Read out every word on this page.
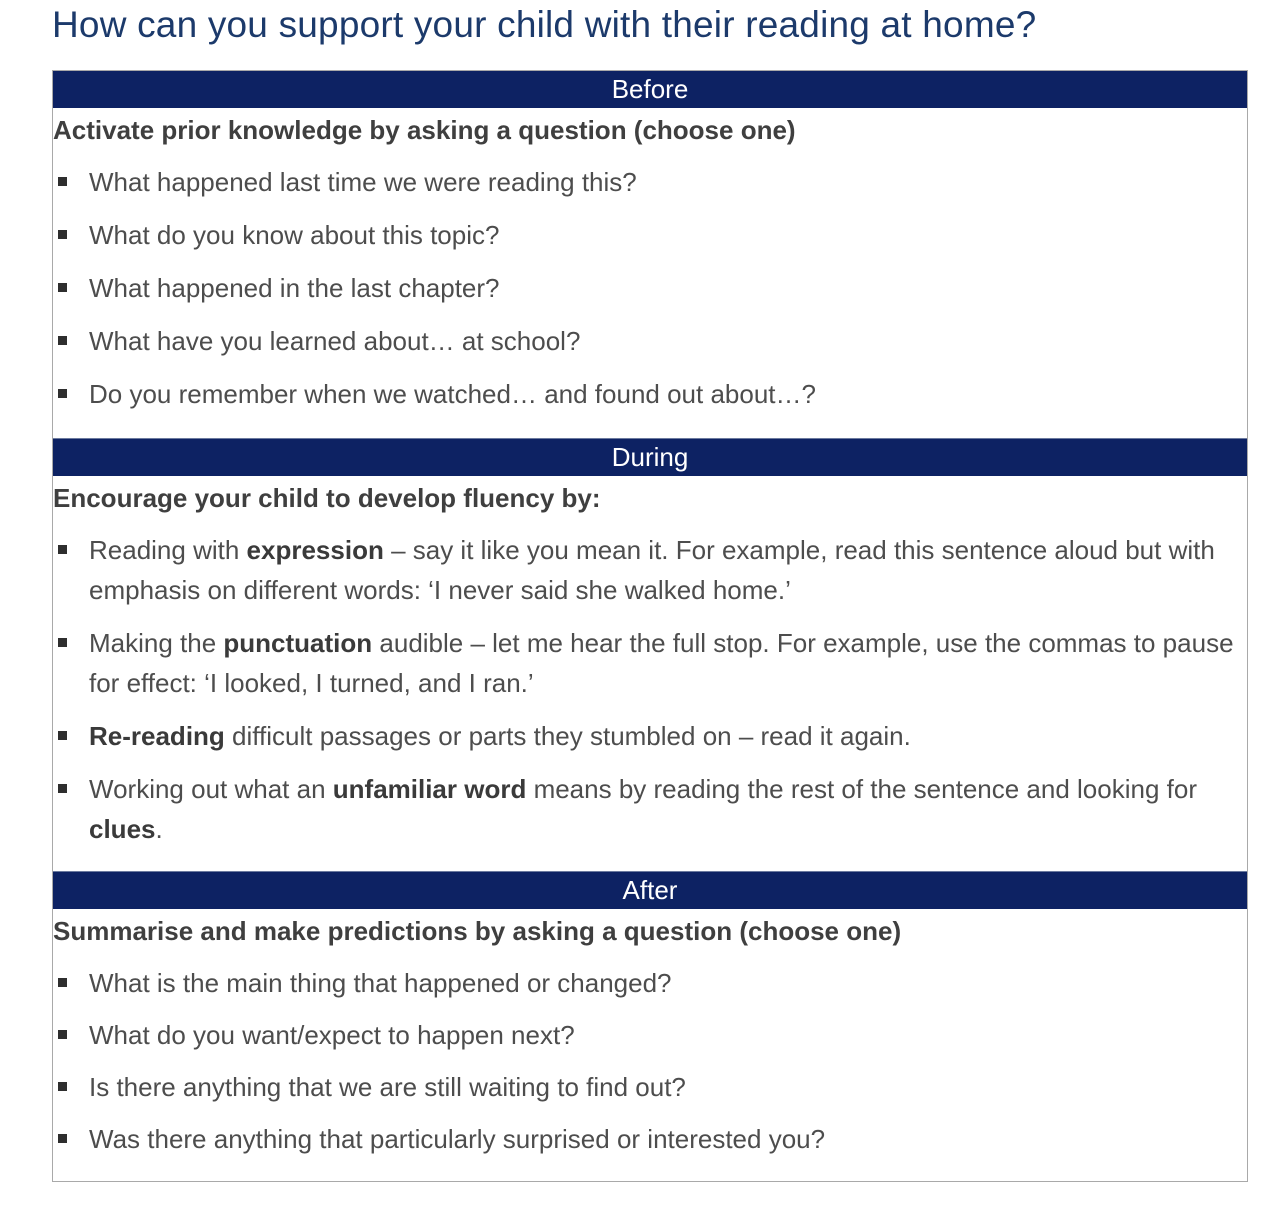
How can you support your child with their reading at home?
Before

Activate prior knowledge by asking a question (choose one)

What happened last time we were reading this?
What do you know about this topic?
What happened in the last chapter?
What have you learned about… at school?
Do you remember when we watched… and found out about…?
During

Encourage your child to develop fluency by:

Reading with expression – say it like you mean it. For example, read this sentence aloud but with emphasis on different words: ‘I never said she walked home.’
Making the punctuation audible – let me hear the full stop. For example, use the commas to pause for effect: ‘I looked, I turned, and I ran.’
Re-reading difficult passages or parts they stumbled on – read it again.
Working out what an unfamiliar word means by reading the rest of the sentence and looking for clues.
After

Summarise and make predictions by asking a question (choose one)

What is the main thing that happened or changed?
What do you want/expect to happen next?
Is there anything that we are still waiting to find out?
Was there anything that particularly surprised or interested you?
